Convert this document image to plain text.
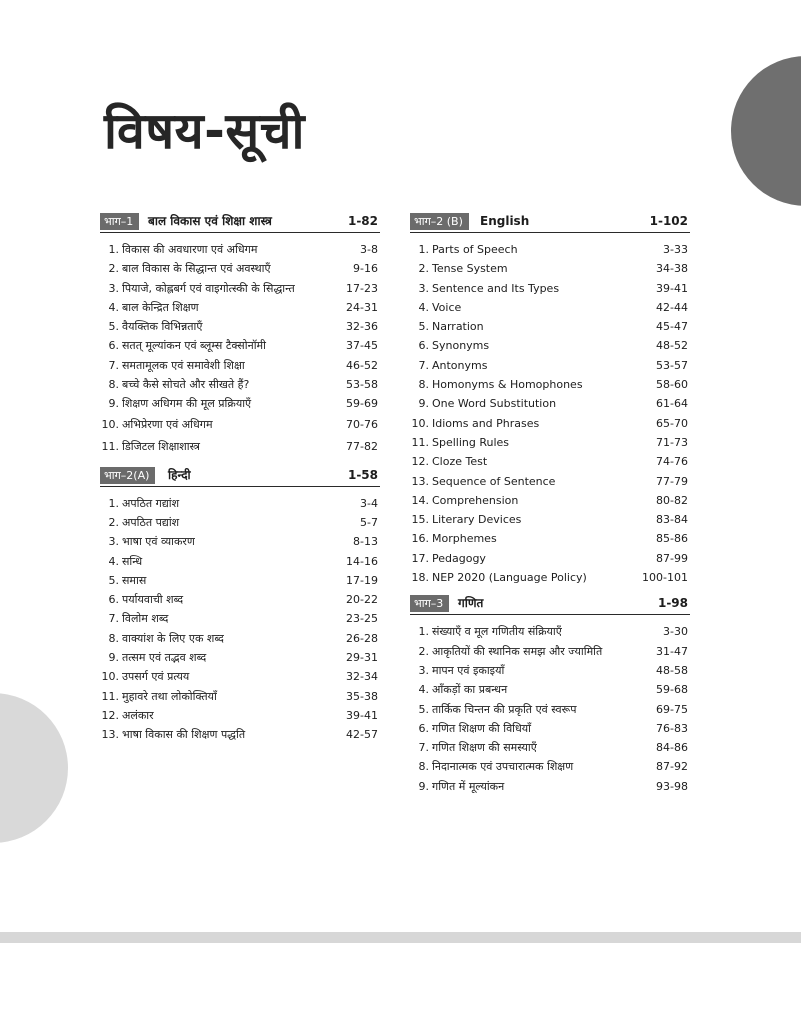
विषय-सूची
भाग–1	बाल विकास एवं शिक्षा शास्त्र	1-82
1. विकास की अवधारणा एवं अधिगम	3-8
2. बाल विकास के सिद्धान्त एवं अवस्थाएँ	9-16
3. पियाजे, कोह्लबर्ग एवं वाइगोत्स्की के सिद्धान्त	17-23
4. बाल केन्द्रित शिक्षण	24-31
5. वैयक्तिक विभिन्नताएँ	32-36
6. सतत् मूल्यांकन एवं ब्लूम्स टैक्सोनॉमी	37-45
7. समतामूलक एवं समावेशी शिक्षा	46-52
8. बच्चे कैसे सोचते और सीखते हैं?	53-58
9. शिक्षण अधिगम की मूल प्रक्रियाएँ	59-69
10. अभिप्रेरणा एवं अधिगम	70-76
11. डिजिटल शिक्षाशास्त्र	77-82
भाग–2(A)	हिन्दी	1-58
1. अपठित गद्यांश	3-4
2. अपठित पद्यांश	5-7
3. भाषा एवं व्याकरण	8-13
4. सन्धि	14-16
5. समास	17-19
6. पर्यायवाची शब्द	20-22
7. विलोम शब्द	23-25
8. वाक्यांश के लिए एक शब्द	26-28
9. तत्सम एवं तद्भव शब्द	29-31
10. उपसर्ग एवं प्रत्यय	32-34
11. मुहावरे तथा लोकोक्तियाँ	35-38
12. अलंकार	39-41
13. भाषा विकास की शिक्षण पद्धति	42-57
भाग–2 (B)	English	1-102
1. Parts of Speech	3-33
2. Tense System	34-38
3. Sentence and Its Types	39-41
4. Voice	42-44
5. Narration	45-47
6. Synonyms	48-52
7. Antonyms	53-57
8. Homonyms & Homophones	58-60
9. One Word Substitution	61-64
10. Idioms and Phrases	65-70
11. Spelling Rules	71-73
12. Cloze Test	74-76
13. Sequence of Sentence	77-79
14. Comprehension	80-82
15. Literary Devices	83-84
16. Morphemes	85-86
17. Pedagogy	87-99
18. NEP 2020 (Language Policy)	100-101
भाग–3	गणित	1-98
1. संख्याएँ व मूल गणितीय संक्रियाएँ	3-30
2. आकृतियों की स्थानिक समझ और ज्यामिति	31-47
3. मापन एवं इकाइयाँ	48-58
4. आँकड़ों का प्रबन्धन	59-68
5. तार्किक चिन्तन की प्रकृति एवं स्वरूप	69-75
6. गणित शिक्षण की विधियाँ	76-83
7. गणित शिक्षण की समस्याएँ	84-86
8. निदानात्मक एवं उपचारात्मक शिक्षण	87-92
9. गणित में मूल्यांकन	93-98
